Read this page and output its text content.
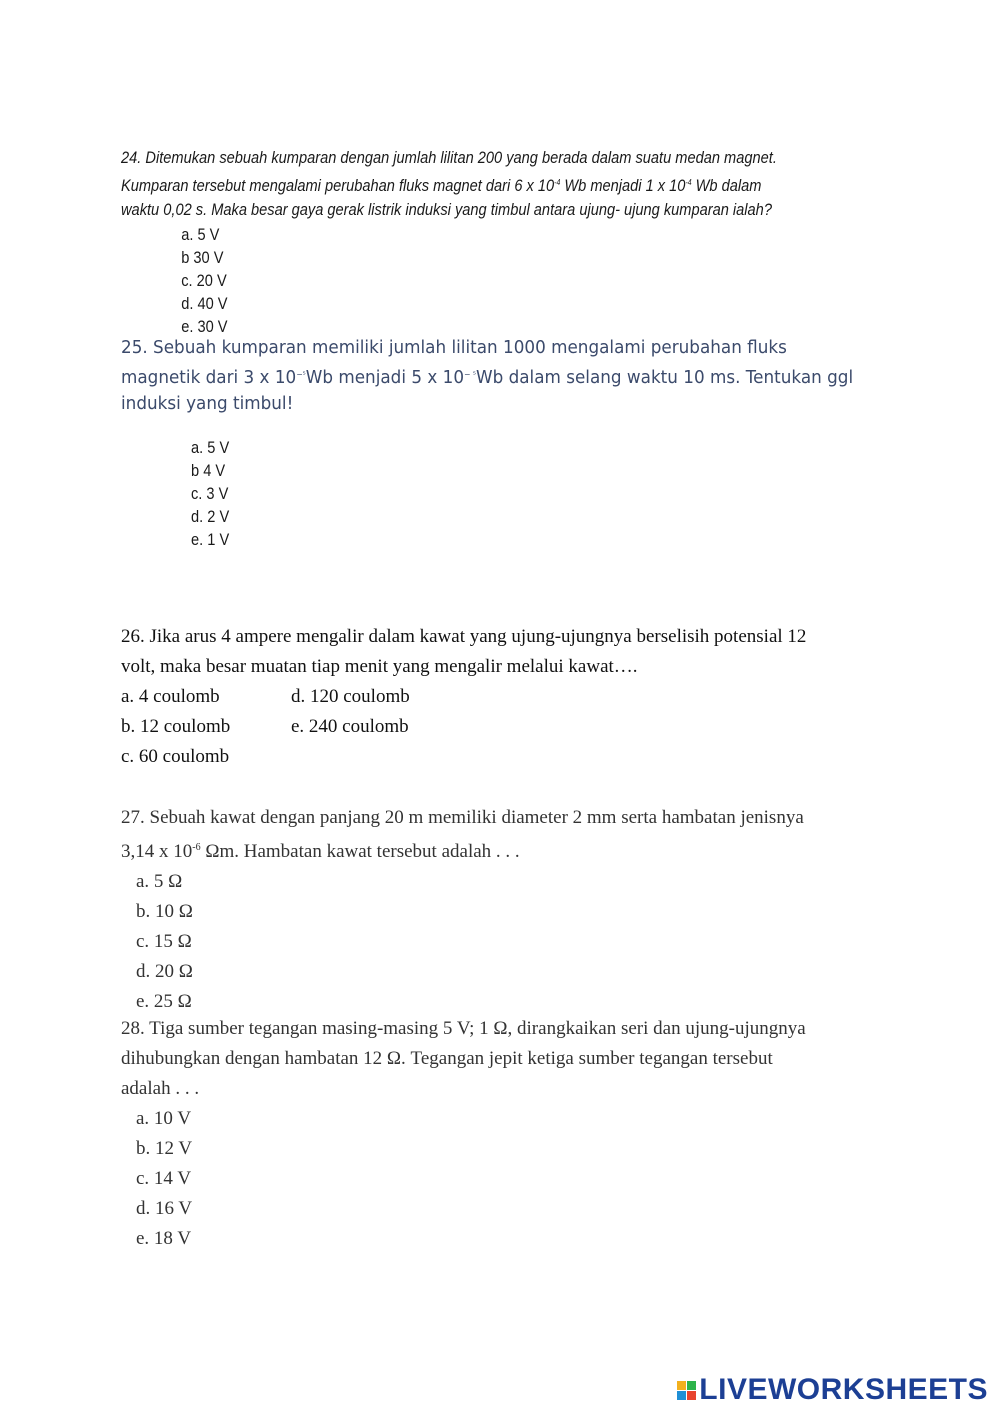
24. Ditemukan sebuah kumparan dengan jumlah lilitan 200 yang berada dalam suatu medan magnet.
Kumparan tersebut mengalami perubahan fluks magnet dari 6 x $10^{-4}$ Wb menjadi 1 x $10^{-4}$ Wb dalam
waktu 0,02 s. Maka besar gaya gerak listrik induksi yang timbul antara ujung- ujung kumparan ialah?
a. 5 V
b 30 V
c. 20 V
d. 40 V
e. 30 V
25. Sebuah kumparan memiliki jumlah lilitan 1000 mengalami perubahan fluks
magnetik dari 3 x $10^{-^5}Wb$ menjadi 5 x $10^{- ^5}Wb$ dalam selang waktu 10 ms. Tentukan ggl
induksi yang timbul!
a. 5 V
b 4 V
c. 3 V
d. 2 V
e. 1 V
26. Jika arus 4 ampere mengalir dalam kawat yang ujung-ujungnya berselisih potensial 12
volt, maka besar muatan tiap menit yang mengalir melalui kawat….
a. 4 coulomb	d. 120 coulomb
b. 12 coulomb	e. 240 coulomb
c. 60 coulomb
27. Sebuah kawat dengan panjang 20 m memiliki diameter 2 mm serta hambatan jenisnya
3,14 x $10^{-6}$ Ωm. Hambatan kawat tersebut adalah . . .
a. 5 Ω
b. 10 Ω
c. 15 Ω
d. 20 Ω
e. 25 Ω
28. Tiga sumber tegangan masing-masing 5 V; 1 Ω, dirangkaikan seri dan ujung-ujungnya
dihubungkan dengan hambatan 12 Ω. Tegangan jepit ketiga sumber tegangan tersebut
adalah . . .
a. 10 V
b. 12 V
c. 14 V
d. 16 V
e. 18 V
LIVEWORKSHEETS
